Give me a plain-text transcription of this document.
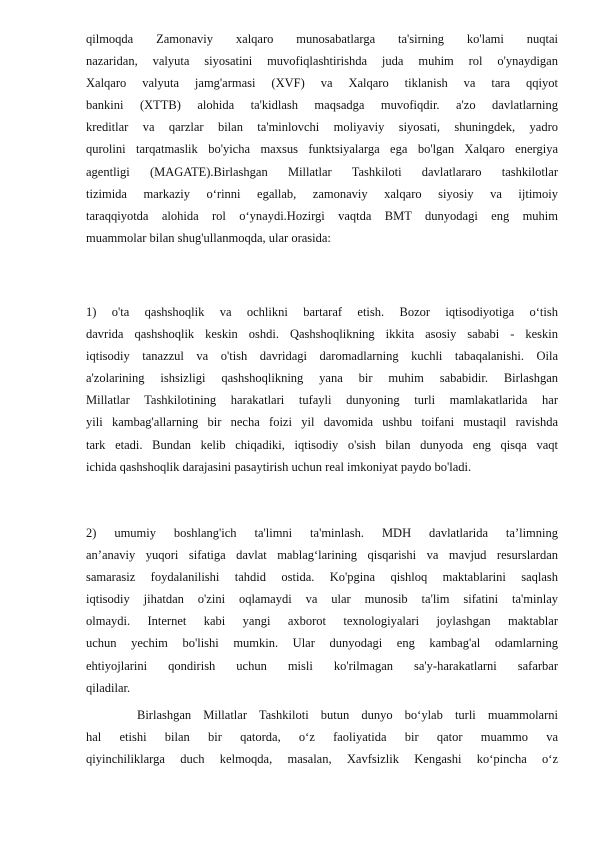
qilmoqda Zamonaviy xalqaro munosabatlarga ta'sirning ko'lami nuqtai
nazaridan, valyuta siyosatini muvofiqlashtirishda juda muhim rol o'ynaydigan
Xalqaro valyuta jamg'armasi (XVF) va Xalqaro tiklanish va tara qqiyot
bankini (XTTB) alohida ta'kidlash maqsadga muvofiqdir. a'zo davlatlarning
kreditlar va qarzlar bilan ta'minlovchi moliyaviy siyosati, shuningdek, yadro
qurolini tarqatmaslik bo'yicha maxsus funktsiyalarga ega bo'lgan Xalqaro energiya
agentligi (MAGATE).Birlashgan Millatlar Tashkiloti davlatlararo tashkilotlar
tizimida markaziy o‘rinni egallab, zamonaviy xalqaro siyosiy va ijtimoiy
taraqqiyotda alohida rol o‘ynaydi.Hozirgi vaqtda BMT dunyodagi eng muhim
muammolar bilan shug'ullanmoqda, ular orasida:
1) o'ta qashshoqlik va ochlikni bartaraf etish. Bozor iqtisodiyotiga o‘tish
davrida qashshoqlik keskin oshdi. Qashshoqlikning ikkita asosiy sababi - keskin
iqtisodiy tanazzul va o'tish davridagi daromadlarning kuchli tabaqalanishi. Oila
a'zolarining ishsizligi qashshoqlikning yana bir muhim sababidir. Birlashgan
Millatlar Tashkilotining harakatlari tufayli dunyoning turli mamlakatlarida har
yili kambag'allarning bir necha foizi yil davomida ushbu toifani mustaqil ravishda
tark etadi. Bundan kelib chiqadiki, iqtisodiy o'sish bilan dunyoda eng qisqa vaqt
ichida qashshoqlik darajasini pasaytirish uchun real imkoniyat paydo bo'ladi.
2) umumiy boshlang'ich ta'limni ta'minlash. MDH davlatlarida ta’limning
an’anaviy yuqori sifatiga davlat mablag‘larining qisqarishi va mavjud resurslardan
samarasiz foydalanilishi tahdid ostida. Ko'pgina qishloq maktablarini saqlash
iqtisodiy jihatdan o'zini oqlamaydi va ular munosib ta'lim sifatini ta'minlay
olmaydi. Internet kabi yangi axborot texnologiyalari joylashgan maktablar
uchun yechim bo'lishi mumkin. Ular dunyodagi eng kambag'al odamlarning
ehtiyojlarini qondirish uchun misli ko'rilmagan sa'y-harakatlarni safarbar
qiladilar.
Birlashgan Millatlar Tashkiloti butun dunyo bo‘ylab turli muammolarni
hal etishi bilan bir qatorda, o‘z faoliyatida bir qator muammo va
qiyinchiliklarga duch kelmoqda, masalan, Xavfsizlik Kengashi ko‘pincha o‘z
